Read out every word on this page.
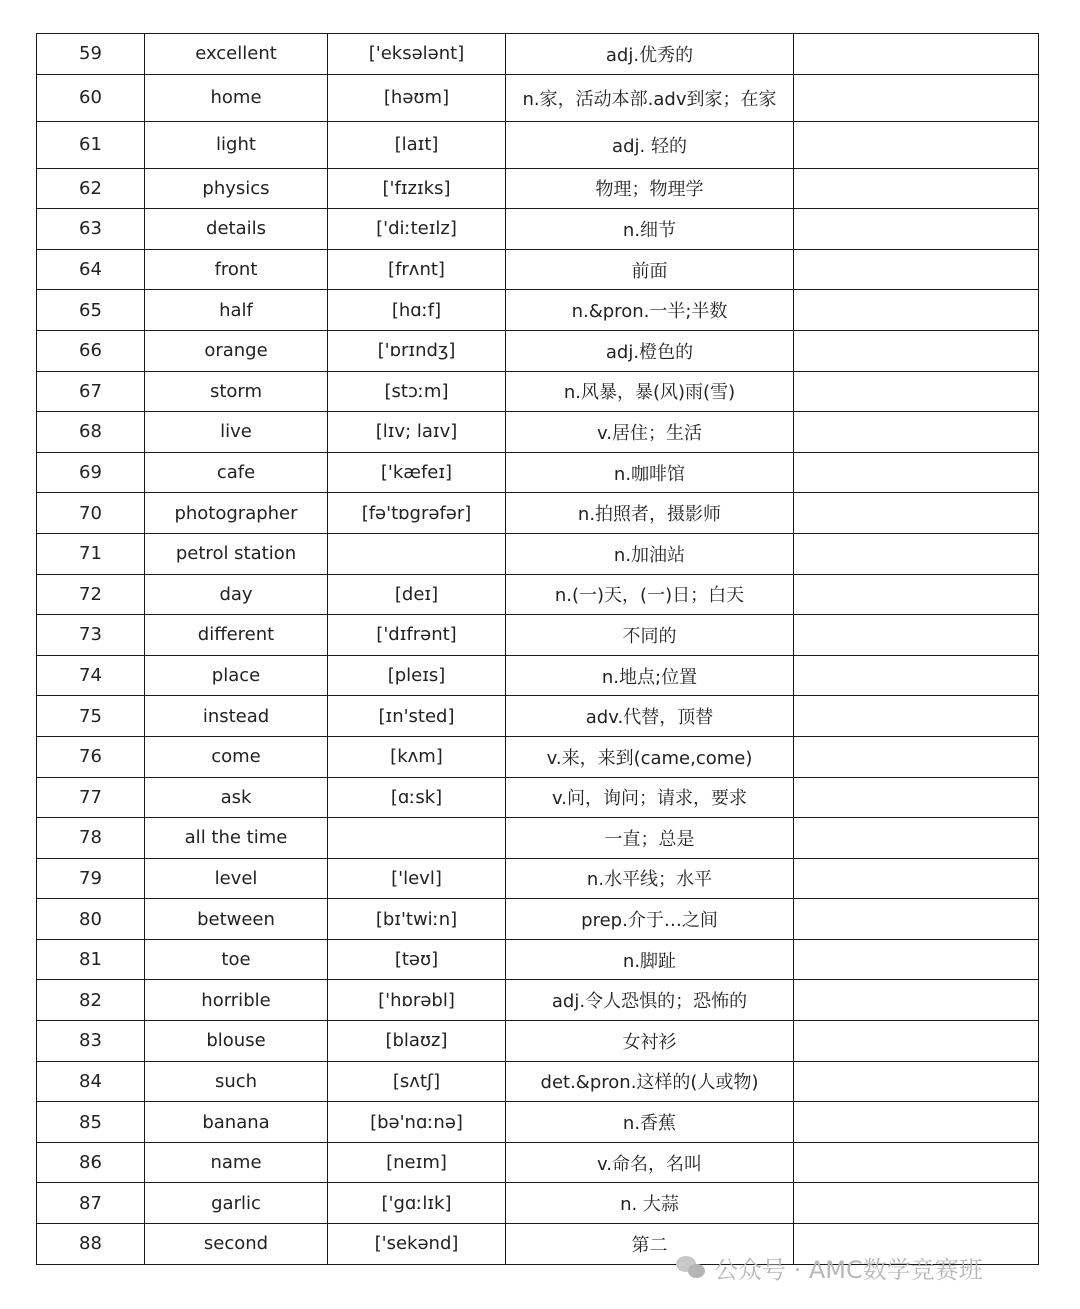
59	excellent	['eksələnt]	adj.优秀的	
60	home	[həʊm]	n.家，活动本部.adv到家；在家	
61	light	[laɪt]	adj. 轻的	
62	physics	['fɪzɪks]	物理；物理学	
63	details	['diːteɪlz]	n.细节	
64	front	[frʌnt]	前面	
65	half	[hɑːf]	n.&pron.一半;半数	
66	orange	['ɒrɪndʒ]	adj.橙色的	
67	storm	[stɔːm]	n.风暴，暴(风)雨(雪)	
68	live	[lɪv; laɪv]	v.居住；生活	
69	cafe	['kæfeɪ]	n.咖啡馆	
70	photographer	[fə'tɒgrəfər]	n.拍照者，摄影师	
71	petrol station		n.加油站	
72	day	[deɪ]	n.(一)天，(一)日；白天	
73	different	['dɪfrənt]	不同的	
74	place	[pleɪs]	n.地点;位置	
75	instead	[ɪn'sted]	adv.代替，顶替	
76	come	[kʌm]	v.来，来到(came,come)	
77	ask	[ɑːsk]	v.问，询问；请求，要求	
78	all the time		一直；总是	
79	level	['levl]	n.水平线；水平	
80	between	[bɪ'twiːn]	prep.介于…之间	
81	toe	[təʊ]	n.脚趾	
82	horrible	['hɒrəbl]	adj.令人恐惧的；恐怖的	
83	blouse	[blaʊz]	女衬衫	
84	such	[sʌtʃ]	det.&pron.这样的(人或物)	
85	banana	[bə'nɑːnə]	n.香蕉	
86	name	[neɪm]	v.命名，名叫	
87	garlic	['gɑːlɪk]	n. 大蒜	
88	second	['sekənd]	第二	
公众号 · AMC数学竞赛班
